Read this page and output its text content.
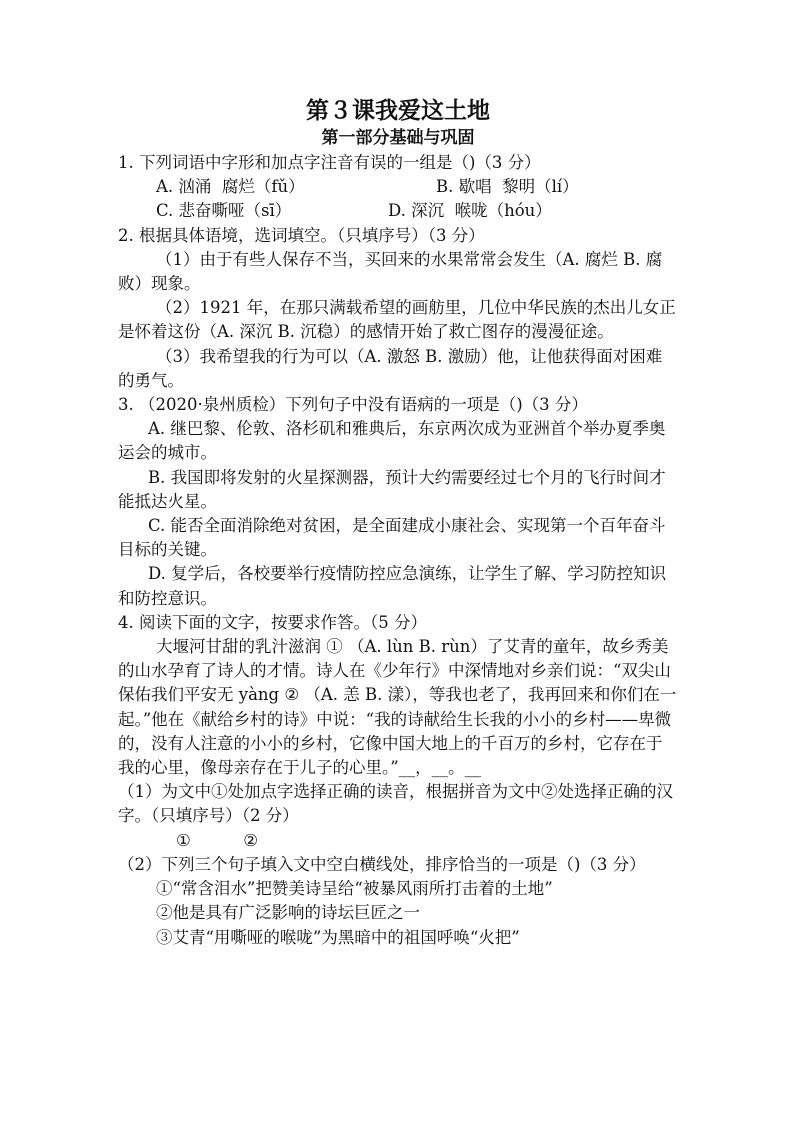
第３课我爱这土地
第一部分基础与巩固

1. 下列词语中字形和加点字注音有误的一组是（)（3 分）

A. 汹涌  腐烂（fǔ）	B. 歇唱  黎明（lí）
C. 悲奋嘶哑（sī）	D. 深沉  喉咙（hóu）

2. 根据具体语境，选词填空。（只填序号）（3 分）

（1）由于有些人保存不当，买回来的水果常常会发生（A. 腐烂 B. 腐败）现象。

（2）1921 年，在那只满载希望的画舫里，几位中华民族的杰出儿女正是怀着这份（A. 深沉 B. 沉稳）的感情开始了救亡图存的漫漫征途。

（3）我希望我的行为可以（A. 激怒 B. 激励）他，让他获得面对困难的勇气。

3. （2020·泉州质检）下列句子中没有语病的一项是（)（3 分）

A. 继巴黎、伦敦、洛杉矶和雅典后，东京两次成为亚洲首个举办夏季奥运会的城市。

B. 我国即将发射的火星探测器，预计大约需要经过七个月的飞行时间才能抵达火星。

C. 能否全面消除绝对贫困，是全面建成小康社会、实现第一个百年奋斗目标的关键。

D. 复学后，各校要举行疫情防控应急演练，让学生了解、学习防控知识和防控意识。

4. 阅读下面的文字，按要求作答。（5 分）

大堰河甘甜的乳汁滋润 ① （A. lùn B. rùn）了艾青的童年，故乡秀美的山水孕育了诗人的才情。诗人在《少年行》中深情地对乡亲们说：“双尖山保佑我们平安无 yàng ② （A. 恙 B. 漾），等我也老了，我再回来和你们在一起。”他在《献给乡村的诗》中说：“我的诗献给生长我的小小的乡村——卑微的，没有人注意的小小的乡村，它像中国大地上的千百万的乡村，它存在于我的心里，像母亲存在于儿子的心里。”__，__。__

（1）为文中①处加点字选择正确的读音，根据拼音为文中②处选择正确的汉字。（只填序号）（2 分）

①          ②

（2）下列三个句子填入文中空白横线处，排序恰当的一项是（)（3 分）

①“常含泪水”把赞美诗呈给“被暴风雨所打击着的土地”

②他是具有广泛影响的诗坛巨匠之一

③艾青“用嘶哑的喉咙”为黑暗中的祖国呼唤“火把”
